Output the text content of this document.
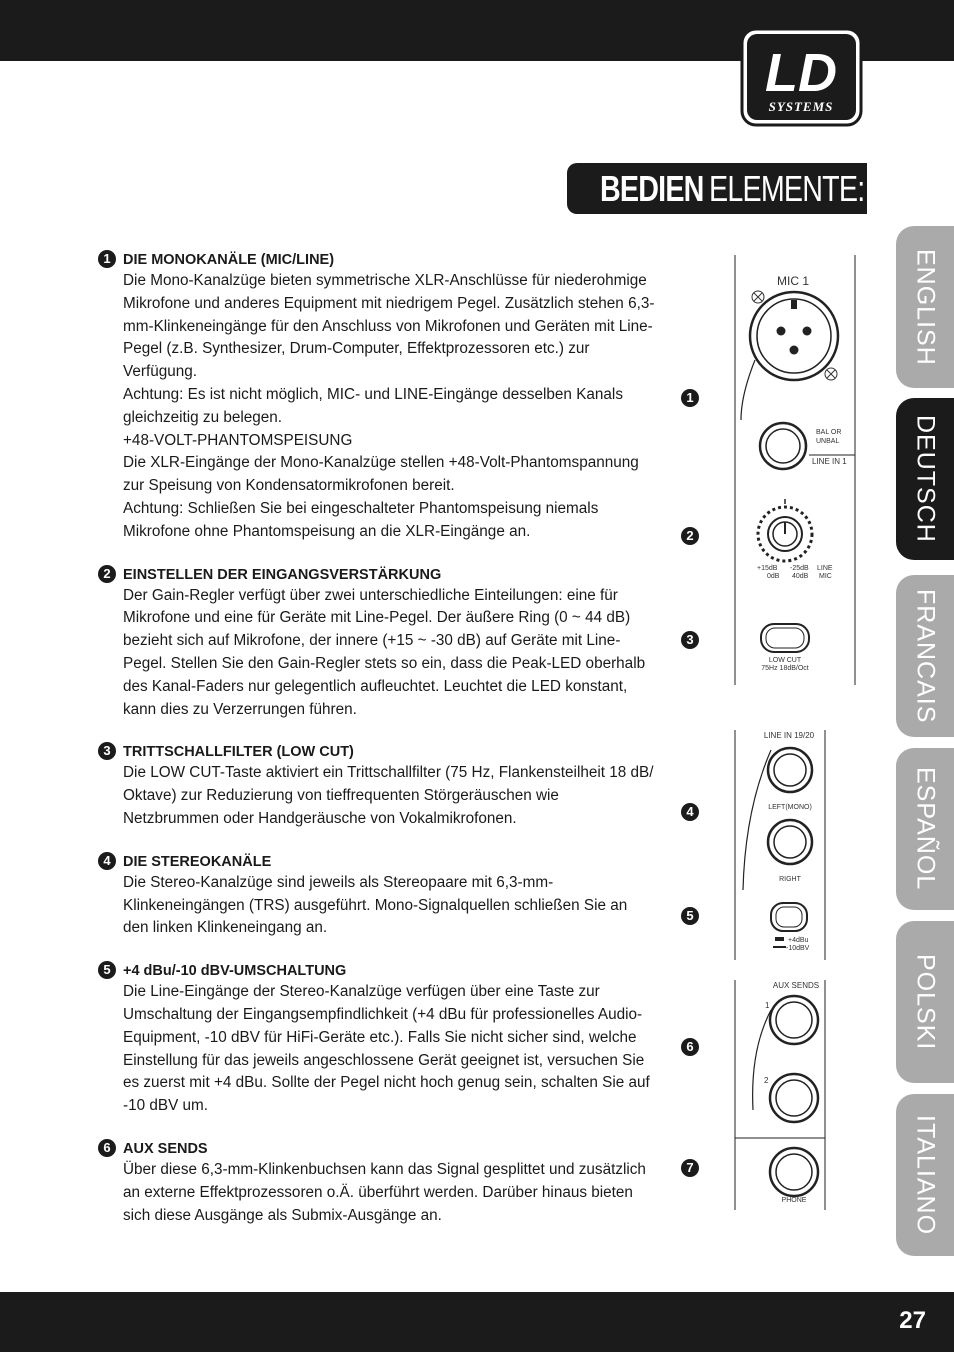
LD
SYSTEMS
BEDIEN ELEMENTE:
ENGLISH
DEUTSCH
FRANCAIS
ESPAÑOL
POLSKI
ITALIANO
1 DIE MONOKANÄLE (MIC/LINE)

Die Mono-Kanalzüge bieten symmetrische XLR-Anschlüsse für niederohmige Mikrofone und anderes Equipment mit niedrigem Pegel. Zusätzlich stehen 6,3-mm-Klinkeneingänge für den Anschluss von Mikrofonen und Geräten mit Line-Pegel (z.B. Synthesizer, Drum-Computer, Effektprozessoren etc.) zur Verfügung.

Achtung: Es ist nicht möglich, MIC- und LINE-Eingänge desselben Kanals gleichzeitig zu belegen.

+48-VOLT-PHANTOMSPEISUNG

Die XLR-Eingänge der Mono-Kanalzüge stellen +48-Volt-Phantomspannung zur Speisung von Kondensatormikrofonen bereit.

Achtung: Schließen Sie bei eingeschalteter Phantomspeisung niemals Mikrofone ohne Phantomspeisung an die XLR-Eingänge an.

2 EINSTELLEN DER EINGANGSVERSTÄRKUNG

Der Gain-Regler verfügt über zwei unterschiedliche Einteilungen: eine für Mikrofone und eine für Geräte mit Line-Pegel. Der äußere Ring (0 ~ 44 dB) bezieht sich auf Mikrofone, der innere (+15 ~ -30 dB) auf Geräte mit Line-Pegel. Stellen Sie den Gain-Regler stets so ein, dass die Peak-LED oberhalb des Kanal-Faders nur gelegentlich aufleuchtet. Leuchtet die LED konstant, kann dies zu Verzerrungen führen.

3 TRITTSCHALLFILTER (LOW CUT)

Die LOW CUT-Taste aktiviert ein Trittschallfilter (75 Hz, Flankensteilheit 18 dB/ Oktave) zur Reduzierung von tieffrequenten Störgeräuschen wie Netzbrummen oder Handgeräusche von Vokalmikrofonen.

4 DIE STEREOKANÄLE

Die Stereo-Kanalzüge sind jeweils als Stereopaare mit 6,3-mm-Klinkeneingängen (TRS) ausgeführt. Mono-Signalquellen schließen Sie an den linken Klinkeneingang an.

5 +4 dBu/-10 dBV-UMSCHALTUNG

Die Line-Eingänge der Stereo-Kanalzüge verfügen über eine Taste zur Umschaltung der Eingangsempfindlichkeit (+4 dBu für professionelles Audio-Equipment, -10 dBV für HiFi-Geräte etc.). Falls Sie nicht sicher sind, welche Einstellung für das jeweils angeschlossene Gerät geeignet ist, versuchen Sie es zuerst mit +4 dBu. Sollte der Pegel nicht hoch genug sein, schalten Sie auf -10 dBV um.

6 AUX SENDS

Über diese 6,3-mm-Klinkenbuchsen kann das Signal gesplittet und zusätzlich an externe Effektprozessoren o.Ä. überführt werden. Darüber hinaus bieten sich diese Ausgänge als Submix-Ausgänge an.

MIC 1
BAL OR
UNBAL
LINE IN 1
+15dB
0dB
-25dB
40dB
LINE
MIC
LOW CUT
75Hz 18dB/Oct
LINE IN 19/20
LEFT(MONO)
RIGHT
+4dBu
-10dBV
AUX SENDS
1
2
PHONE
1
2
3
4
5
6
7
27
